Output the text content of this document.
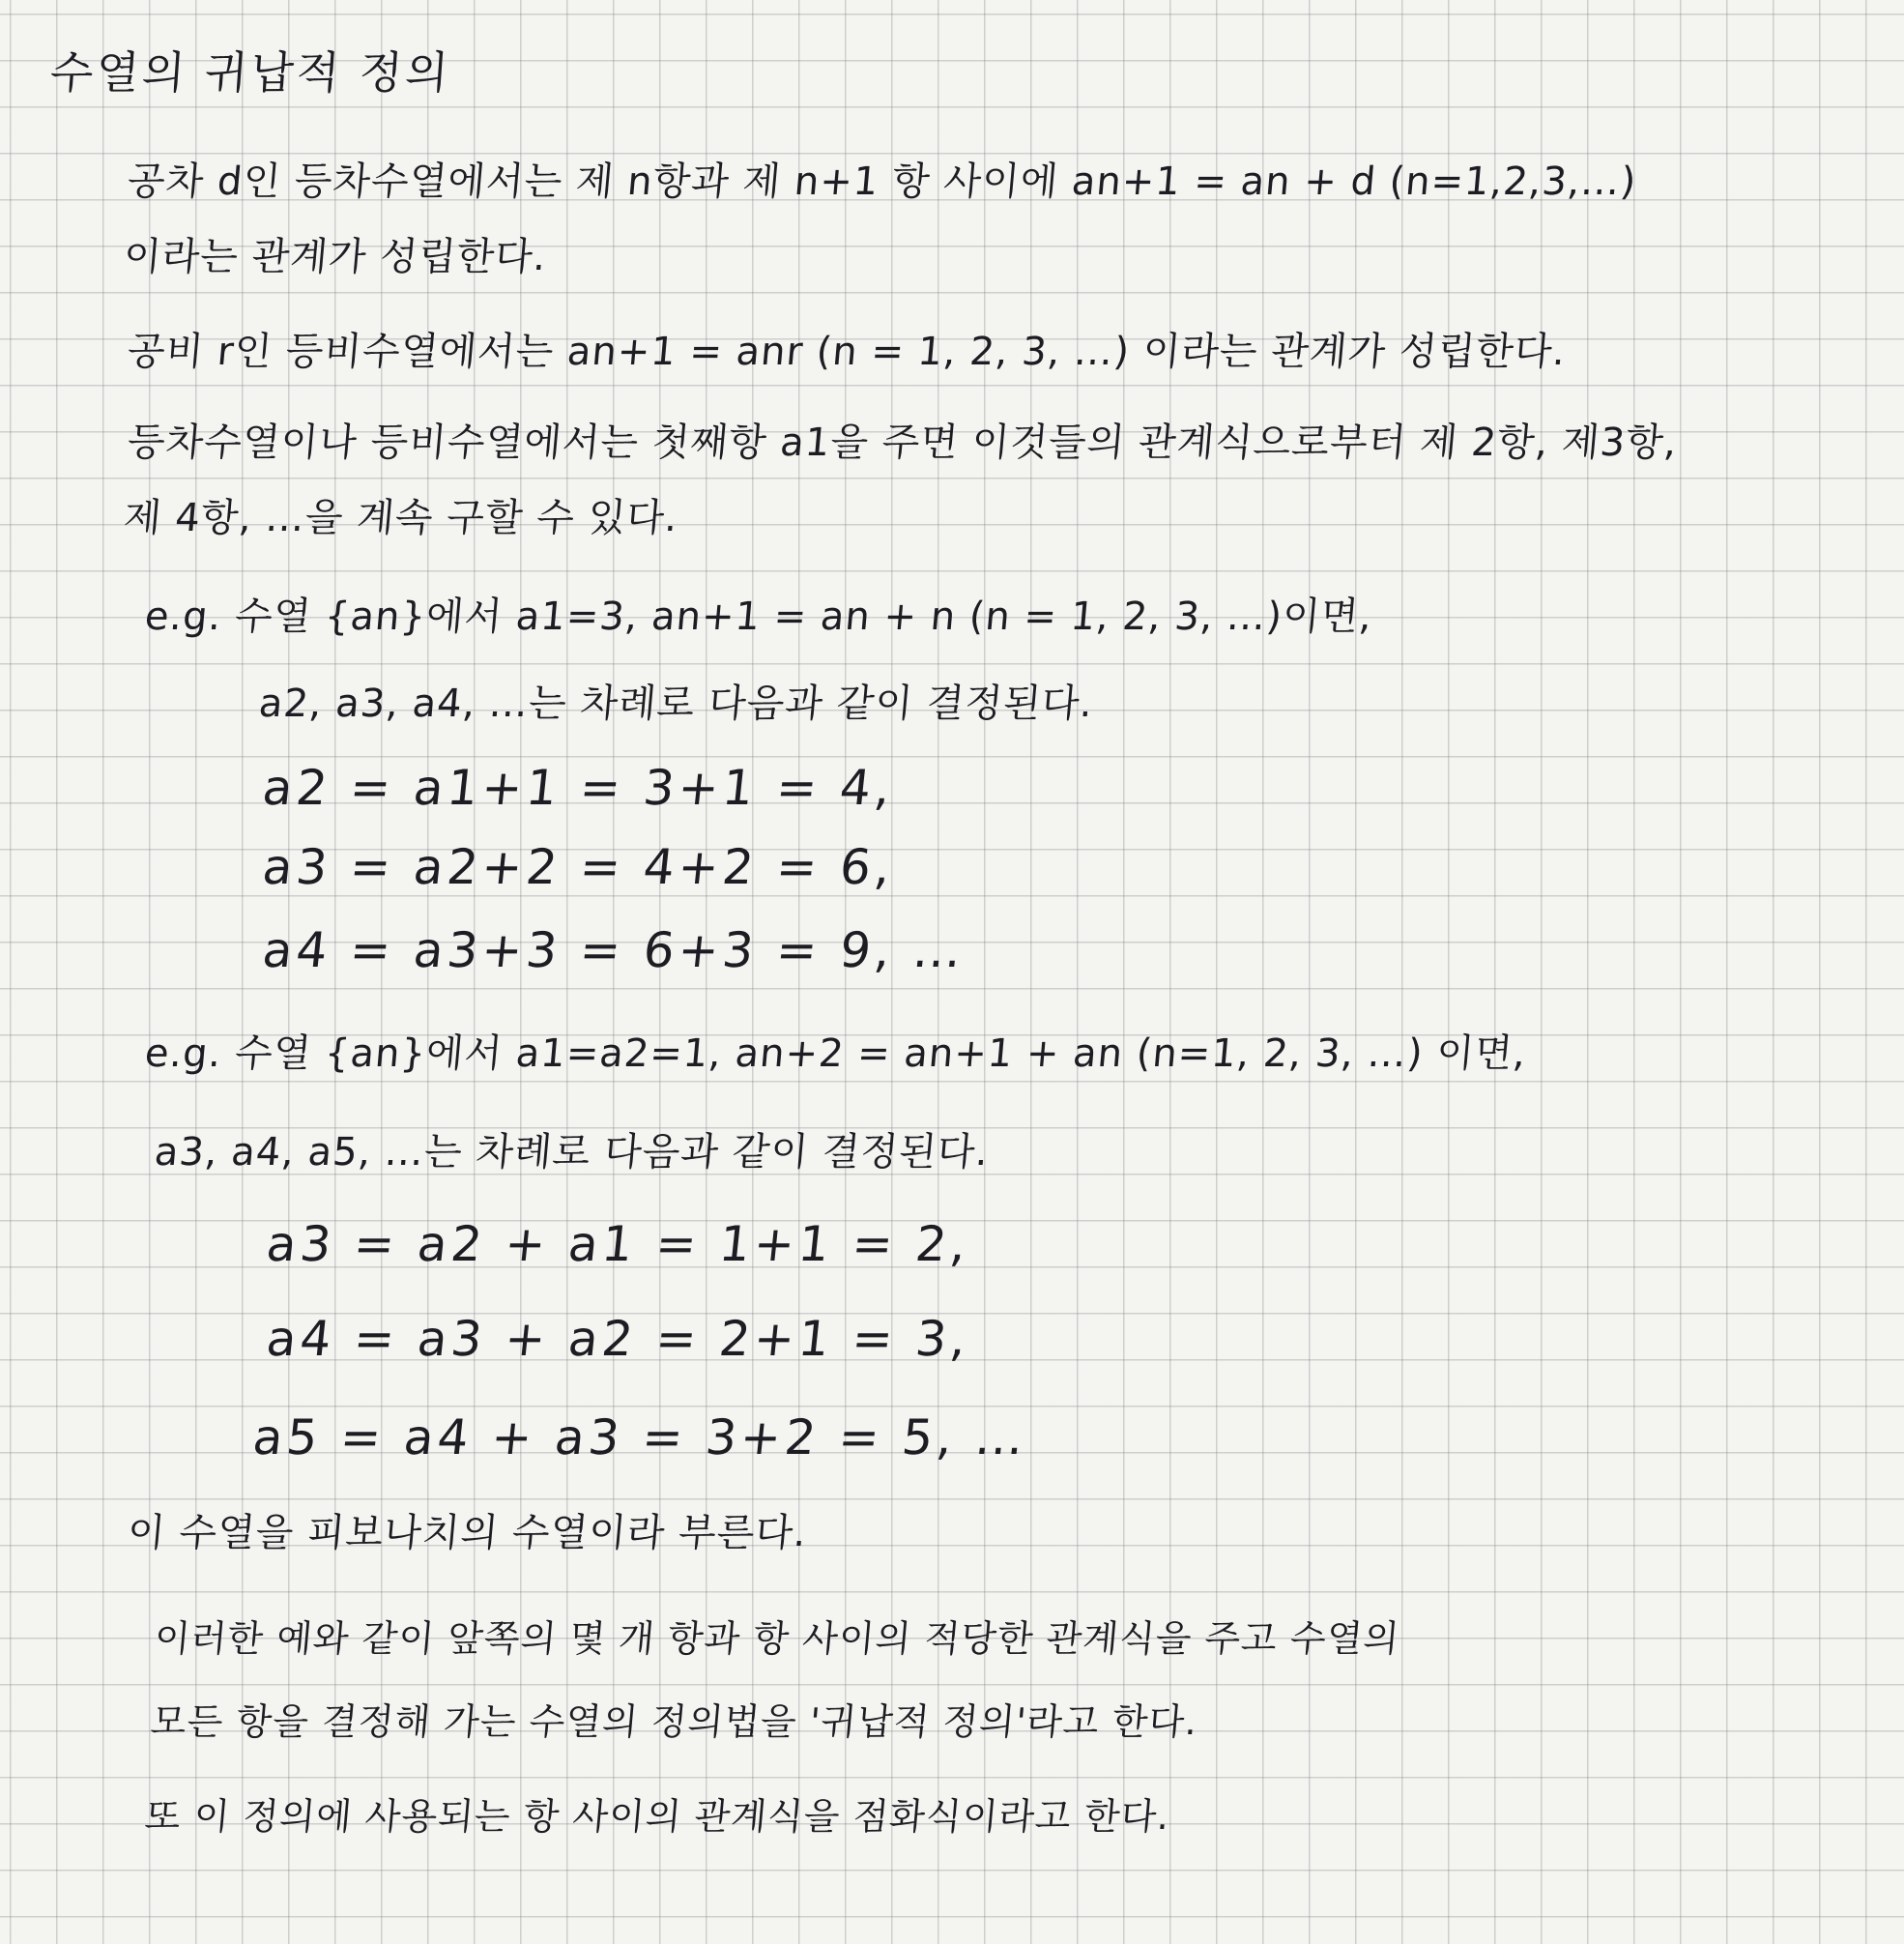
수열의 귀납적 정의
공차 d인 등차수열에서는 제 n항과 제 n+1 항 사이에 an+1 = an + d (n=1,2,3,…)
이라는 관계가 성립한다.
공비 r인 등비수열에서는 an+1 = anr (n = 1, 2, 3, …) 이라는 관계가 성립한다.
등차수열이나 등비수열에서는 첫째항 a1을 주면 이것들의 관계식으로부터 제 2항, 제3항,
제 4항, …을 계속 구할 수 있다.
e.g. 수열 {an}에서 a1=3, an+1 = an + n (n = 1, 2, 3, …)이면,
a2, a3, a4, …는 차례로 다음과 같이 결정된다.
a2 = a1+1 = 3+1 = 4,
a3 = a2+2 = 4+2 = 6,
a4 = a3+3 = 6+3 = 9, …
e.g. 수열 {an}에서 a1=a2=1, an+2 = an+1 + an (n=1, 2, 3, …) 이면,
a3, a4, a5, …는 차례로 다음과 같이 결정된다.
a3 = a2 + a1 = 1+1 = 2,
a4 = a3 + a2 = 2+1 = 3,
a5 = a4 + a3 = 3+2 = 5, …
이 수열을 피보나치의 수열이라 부른다.
이러한 예와 같이 앞쪽의 몇 개 항과 항 사이의 적당한 관계식을 주고 수열의
모든 항을 결정해 가는 수열의 정의법을 '귀납적 정의'라고 한다.
또 이 정의에 사용되는 항 사이의 관계식을 점화식이라고 한다.
